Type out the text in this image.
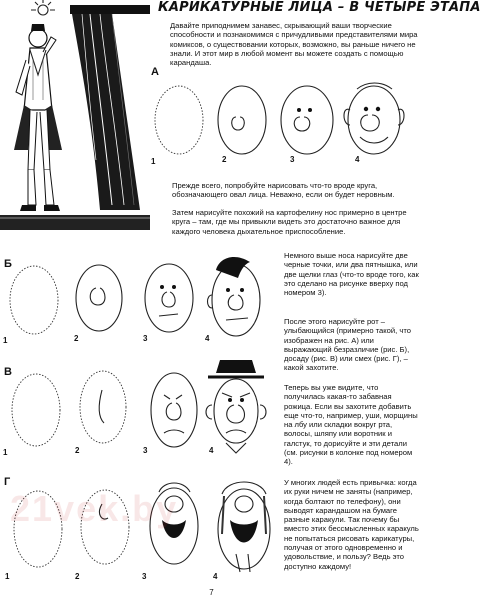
КАРИКАТУРНЫЕ ЛИЦА – В ЧЕТЫРЕ ЭТАПА

Давайте приподнимем занавес, скрывающий ваши творческие способности и познакомимся с причудливыми представителями мира комиксов, о существовании которых, возможно, вы раньше ничего не знали. И этот мир в любой момент вы можете создать с помощью карандаша.

А
1	2	3	4

Прежде всего, попробуйте нарисовать что-то вроде круга, обозначающего овал лица. Неважно, если он будет неровным.

Затем нарисуйте похожий на картофелину нос примерно в центре круга – там, где мы привыкли видеть это достаточно важное для каждого человека дыхательное приспособление.

Б
1	2	3	4

Немного выше носа нарисуйте две черные точки, или два пятнышка, или две щелки глаз (что-то вроде того, как это сделано на рисунке вверху под номером 3).

После этого нарисуйте рот – улыбающийся (примерно такой, что изображен на рис. А) или выражающий безразличие (рис. Б), досаду (рис. В) или смех (рис. Г), – какой захотите.

В
1	2	3	4

Теперь вы уже видите, что получилась какая-то забавная рожица. Если вы захотите добавить еще что-то, например, уши, морщины на лбу или складки вокруг рта, волосы, шляпу или воротник и галстук, то дорисуйте и эти детали (см. рисунки в колонке под номером 4).

Г
1	2	3	4

У многих людей есть привычка: когда их руки ничем не заняты (например, когда болтают по телефону), они выводят карандашом на бумаге разные каракули. Так почему бы вместо этих бессмысленных каракуль не попытаться рисовать карикатуры, получая от этого одновременно и удовольствие, и пользу? Ведь это доступно каждому!

21vek.by
7
